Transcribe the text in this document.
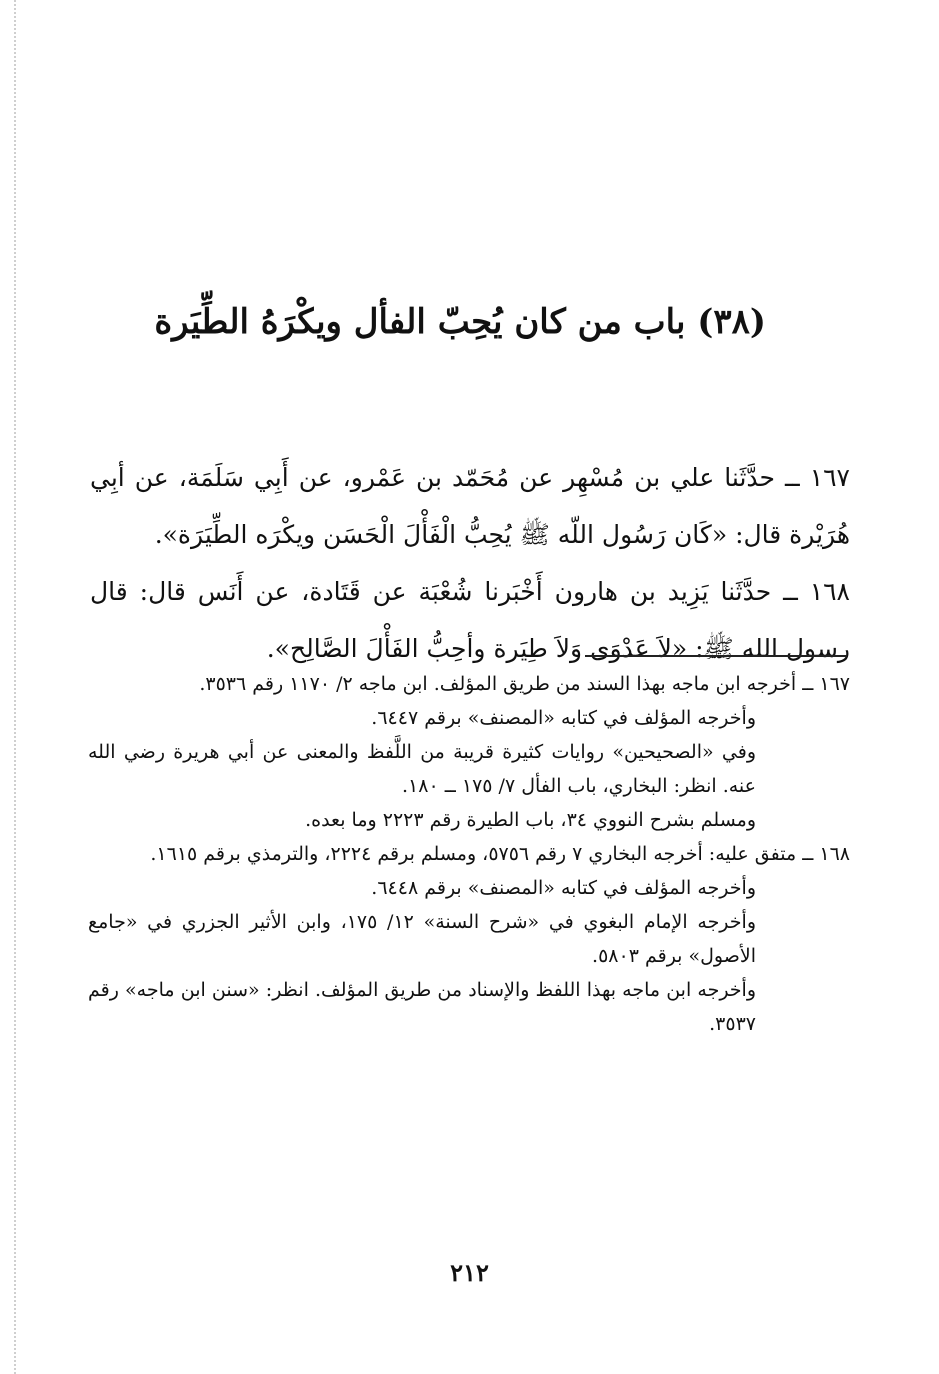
(٣٨) باب من كان يُحِبّ الفأل ويكْرَهُ الطِّيَرة

١٦٧ ــ حدَّثَنا علي بن مُسْهِر عن مُحَمّد بن عَمْرو، عن أَبِي سَلَمَة، عن أبِي هُرَيْرة قال: «كَان رَسُول اللّه ﷺ يُحِبُّ الْفَأْلَ الْحَسَن ويكْرَه الطِّيَرَة».

١٦٨ ــ حدَّثَنا يَزِيد بن هارون أَخْبَرنا شُعْبَة عن قَتَادة، عن أَنَس قال: قال رسول الله ﷺ: «لاَ عَدْوَى وَلاَ طِيَرة وأحِبُّ الفَأْلَ الصَّالِح».

١٦٧ ــ أخرجه ابن ماجه بهذا السند من طريق المؤلف. ابن ماجه ٢/ ١١٧٠ رقم ٣٥٣٦.

وأخرجه المؤلف في كتابه «المصنف» برقم ٦٤٤٧.

وفي «الصحيحين» روايات كثيرة قريبة من اللَّفظ والمعنى عن أبي هريرة رضي الله عنه. انظر: البخاري، باب الفأل ٧/ ١٧٥ ــ ١٨٠.

ومسلم بشرح النووي ٣٤، باب الطيرة رقم ٢٢٢٣ وما بعده.

١٦٨ ــ متفق عليه: أخرجه البخاري ٧ رقم ٥٧٥٦، ومسلم برقم ٢٢٢٤، والترمذي برقم ١٦١٥.

وأخرجه المؤلف في كتابه «المصنف» برقم ٦٤٤٨.

وأخرجه الإمام البغوي في «شرح السنة» ١٢/ ١٧٥، وابن الأثير الجزري في «جامع الأصول» برقم ٥٨٠٣.

وأخرجه ابن ماجه بهذا اللفظ والإسناد من طريق المؤلف. انظر: «سنن ابن ماجه» رقم ٣٥٣٧.

٢١٢
